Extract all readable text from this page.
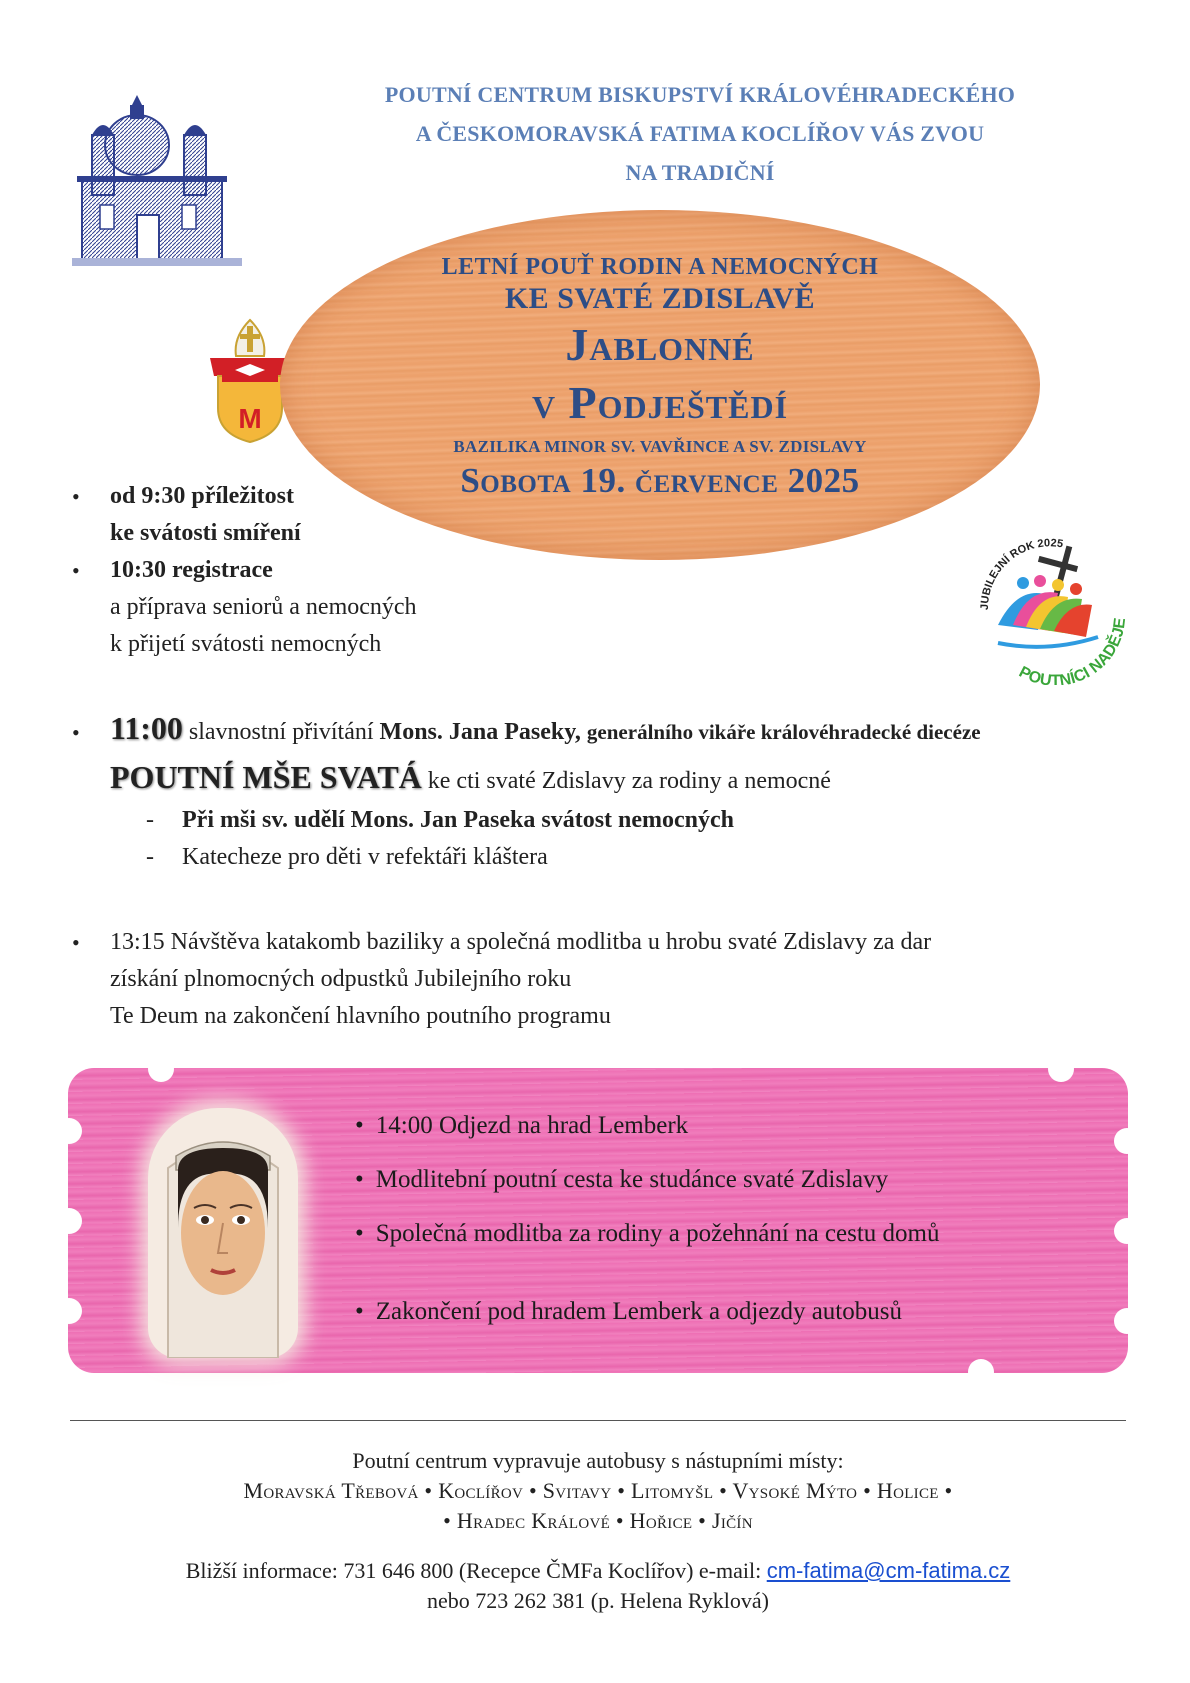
POUTNÍ CENTRUM BISKUPSTVÍ KRÁLOVÉHRADECKÉHO
A ČESKOMORAVSKÁ FATIMA KOCLÍŘOV VÁS ZVOU
NA TRADIČNÍ
M
LETNÍ POUŤ RODIN A NEMOCNÝCH
KE SVATÉ ZDISLAVĚ
Jablonné
v Podještědí
BAZILIKA MINOR SV. VAVŘINCE A SV. ZDISLAVY
Sobota 19. července 2025
JUBILEJNÍ ROK 2025
POUTNÍCI NADĚJE
• od 9:30 příležitost
ke svátosti smíření
• 10:30 registrace
a příprava seniorů a nemocných
k přijetí svátosti nemocných
• 11:00 slavnostní přivítání Mons. Jana Paseky, generálního vikáře královéhradecké diecéze
POUTNÍ MŠE SVATÁ ke cti svaté Zdislavy za rodiny a nemocné
- Při mši sv. udělí Mons. Jan Paseka svátost nemocných
- Katecheze pro děti v refektáři kláštera
• 13:15 Návštěva katakomb baziliky a společná modlitba u hrobu svaté Zdislavy za dar
získání plnomocných odpustků Jubilejního roku
Te Deum na zakončení hlavního poutního programu
• 14:00 Odjezd na hrad Lemberk
• Modlitební poutní cesta ke studánce svaté Zdislavy
• Společná modlitba za rodiny a požehnání na cestu domů
• Zakončení pod hradem Lemberk a odjezdy autobusů
Poutní centrum vypravuje autobusy s nástupními místy:
Moravská Třebová • Koclířov • Svitavy • Litomyšl • Vysoké Mýto • Holice •
• Hradec Králové • Hořice • Jičín
Bližší informace: 731 646 800 (Recepce ČMFa Koclířov) e-mail: cm-fatima@cm-fatima.cz
nebo 723 262 381 (p. Helena Ryklová)
